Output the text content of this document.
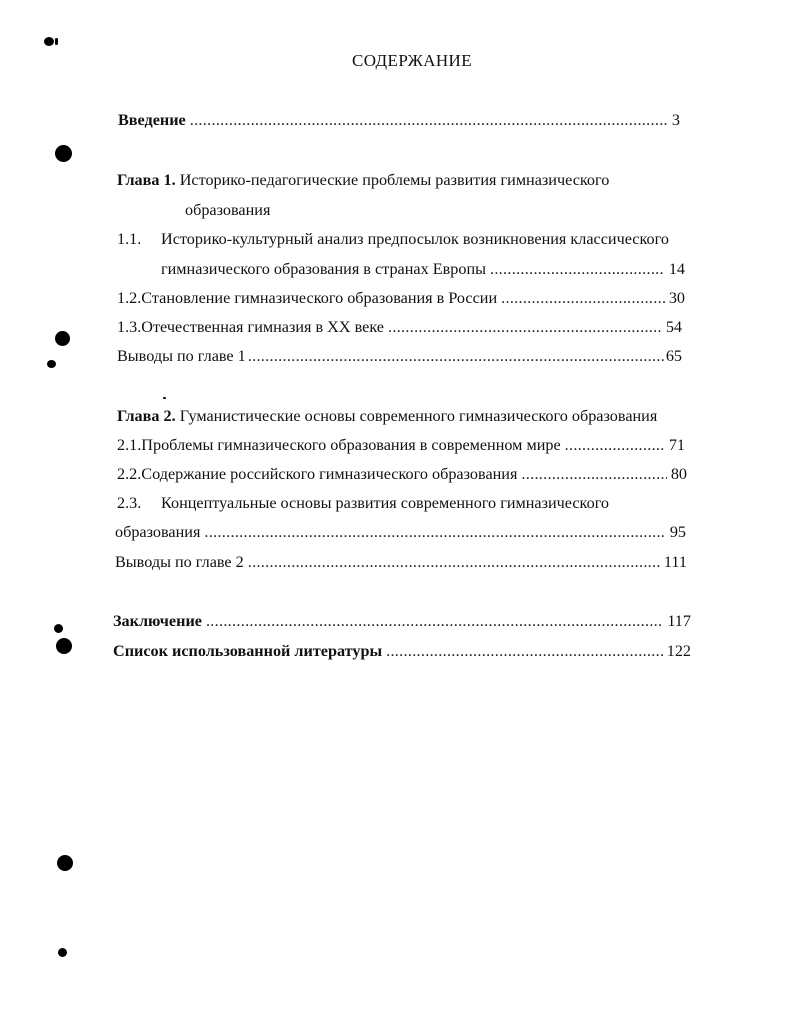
СОДЕРЖАНИЕ
Введение .....	3
Глава 1. Историко-педагогические проблемы развития гимназического
образования
1.1. Историко-культурный анализ предпосылок возникновения классического
гимназического образования в странах Европы .....	14
1.2. Становление гимназического образования в России .....	30
1.3. Отечественная гимназия в XX веке .....	54
Выводы по главе 1 .....	65
Глава 2. Гуманистические основы современного гимназического образования
2.1. Проблемы гимназического образования в современном мире .....	71
2.2. Содержание российского гимназического образования .....	80
2.3. Концептуальные основы развития современного гимназического
образования .....	95
Выводы по главе 2 .....	111
Заключение .....	117
Список использованной литературы .....	122
